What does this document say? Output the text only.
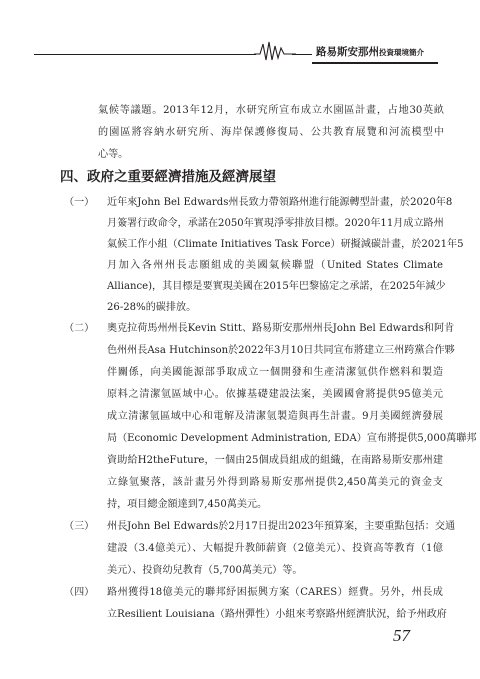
路易斯安那州投資環境簡介
氣候等議題。2013年12月，水研究所宣布成立水園區計畫，占地30英畝
的園區將容納水研究所、海岸保護修復局、公共教育展覽和河流模型中
心等。
四、政府之重要經濟措施及經濟展望
（一） 近年來John Bel Edwards州長致力帶領路州進行能源轉型計畫，於2020年8
月簽署行政命令，承諾在2050年實現淨零排放目標。2020年11月成立路州
氣候工作小組（Climate Initiatives Task Force）研擬減碳計畫，於2021年5
月加入各州州長志願組成的美國氣候聯盟（United States Climate
Alliance)，其目標是要實現美國在2015年巴黎協定之承諾，在2025年減少
26-28%的碳排放。
（二） 奧克拉荷馬州州長Kevin Stitt、路易斯安那州州長John Bel Edwards和阿肯
色州州長Asa Hutchinson於2022年3月10日共同宣布將建立三州跨黨合作夥
伴關係，向美國能源部爭取成立一個開發和生產清潔氫供作燃料和製造
原料之清潔氫區域中心。依據基礎建設法案，美國國會將提供95億美元
成立清潔氫區域中心和電解及清潔氫製造與再生計畫。9月美國經濟發展
局（Economic Development Administration, EDA）宣布將提供5,000萬聯邦
資助給H2theFuture，一個由25個成員組成的組織，在南路易斯安那州建
立綠氫聚落，該計畫另外得到路易斯安那州提供2,450萬美元的資金支
持，項目總金額達到7,450萬美元。
（三） 州長John Bel Edwards於2月17日提出2023年預算案，主要重點包括：交通
建設（3.4億美元）、大幅提升教師薪資（2億美元）、投資高等教育（1億
美元）、投資幼兒教育（5,700萬美元）等。
（四） 路州獲得18億美元的聯邦紓困振興方案（CARES）經費。另外，州長成
立Resilient Louisiana（路州彈性）小組來考察路州經濟狀況，給予州政府
57
